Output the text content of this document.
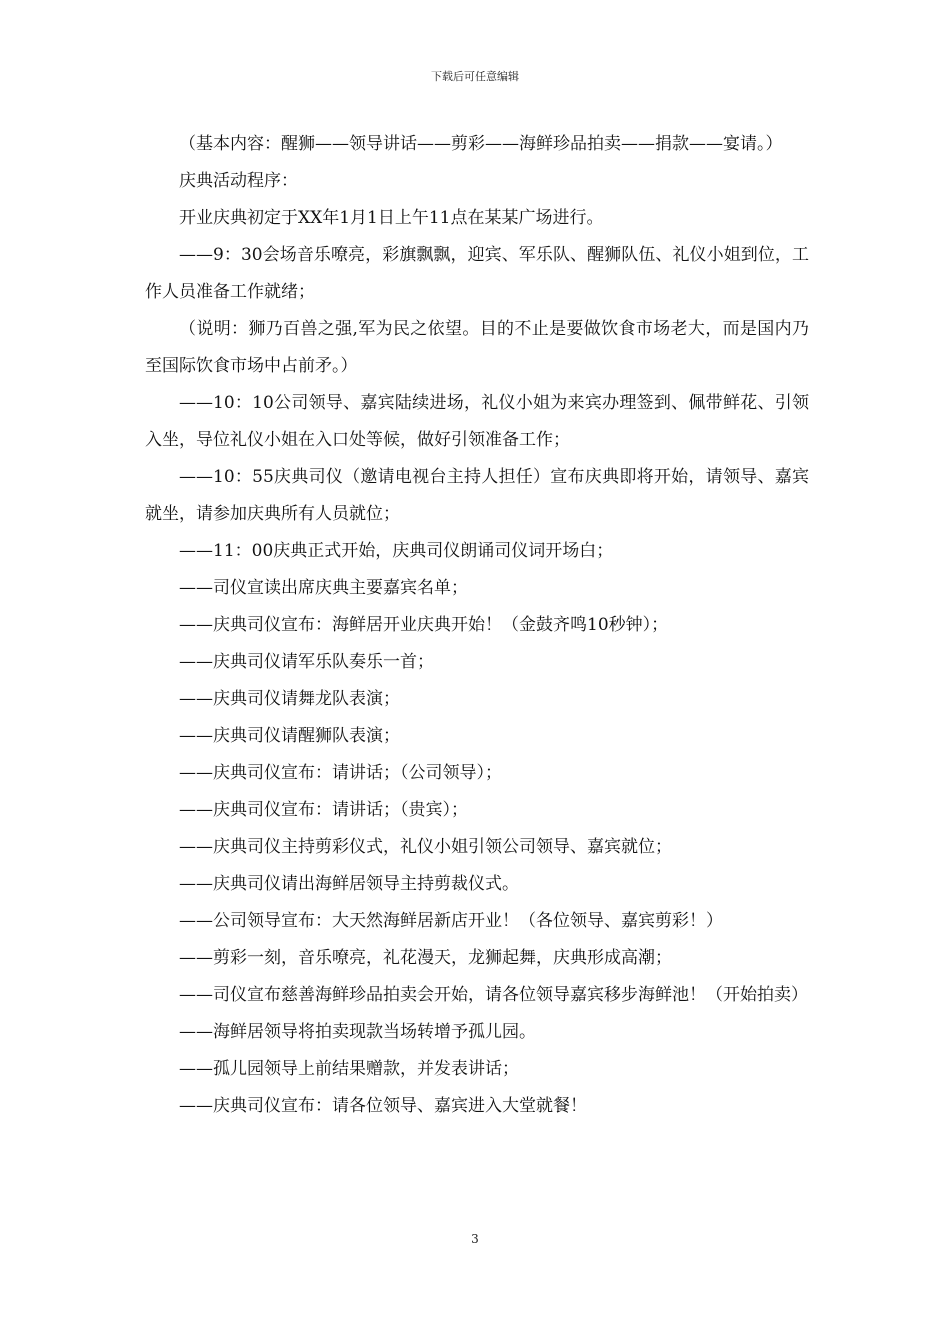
下载后可任意编辑

（基本内容：醒狮——领导讲话——剪彩——海鲜珍品拍卖——捐款——宴请。）

庆典活动程序：

开业庆典初定于XX年1月1日上午11点在某某广场进行。

——9：30会场音乐嘹亮，彩旗飘飘，迎宾、军乐队、醒狮队伍、礼仪小姐到位，工作人员准备工作就绪；

（说明：狮乃百兽之强,军为民之依望。目的不止是要做饮食市场老大，而是国内乃至国际饮食市场中占前矛。）

——10：10公司领导、嘉宾陆续进场，礼仪小姐为来宾办理签到、佩带鲜花、引领入坐，导位礼仪小姐在入口处等候，做好引领准备工作；

——10：55庆典司仪（邀请电视台主持人担任）宣布庆典即将开始，请领导、嘉宾就坐，请参加庆典所有人员就位；

——11：00庆典正式开始，庆典司仪朗诵司仪词开场白；

——司仪宣读出席庆典主要嘉宾名单；

——庆典司仪宣布：海鲜居开业庆典开始！（金鼓齐鸣10秒钟）；

——庆典司仪请军乐队奏乐一首；

——庆典司仪请舞龙队表演；

——庆典司仪请醒狮队表演；

——庆典司仪宣布：请讲话；（公司领导）；

——庆典司仪宣布：请讲话；（贵宾）；

——庆典司仪主持剪彩仪式，礼仪小姐引领公司领导、嘉宾就位；

——庆典司仪请出海鲜居领导主持剪裁仪式。

——公司领导宣布：大天然海鲜居新店开业！（各位领导、嘉宾剪彩！）

——剪彩一刻，音乐嘹亮，礼花漫天，龙狮起舞，庆典形成高潮；

——司仪宣布慈善海鲜珍品拍卖会开始，请各位领导嘉宾移步海鲜池！（开始拍卖）

——海鲜居领导将拍卖现款当场转增予孤儿园。

——孤儿园领导上前结果赠款，并发表讲话；

——庆典司仪宣布：请各位领导、嘉宾进入大堂就餐！

3
